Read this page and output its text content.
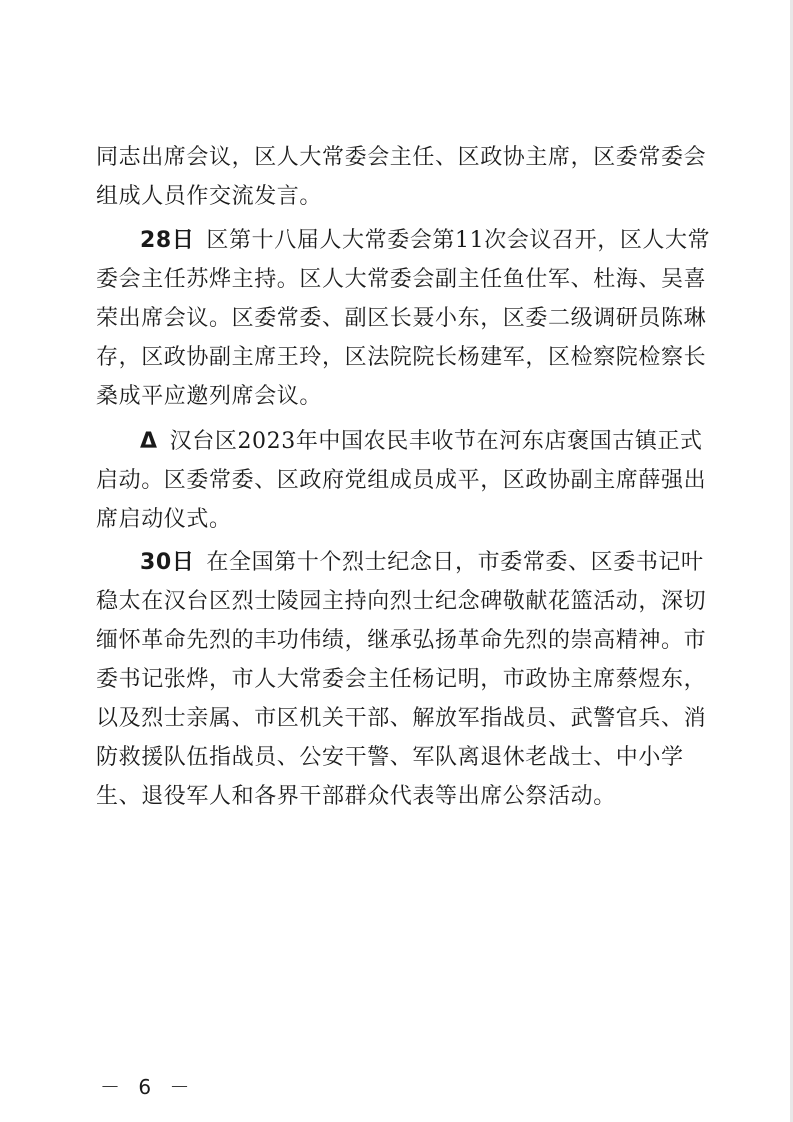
同志出席会议，区人大常委会主任、区政协主席，区委常委会组成人员作交流发言。

28日 区第十八届人大常委会第11次会议召开，区人大常委会主任苏烨主持。区人大常委会副主任鱼仕军、杜海、吴喜荣出席会议。区委常委、副区长聂小东，区委二级调研员陈琳存，区政协副主席王玲，区法院院长杨建军，区检察院检察长桑成平应邀列席会议。

Δ 汉台区2023年中国农民丰收节在河东店褒国古镇正式启动。区委常委、区政府党组成员成平，区政协副主席薛强出席启动仪式。

30日 在全国第十个烈士纪念日，市委常委、区委书记叶稳太在汉台区烈士陵园主持向烈士纪念碑敬献花篮活动，深切缅怀革命先烈的丰功伟绩，继承弘扬革命先烈的崇高精神。市委书记张烨，市人大常委会主任杨记明，市政协主席蔡煜东，以及烈士亲属、市区机关干部、解放军指战员、武警官兵、消防救援队伍指战员、公安干警、军队离退休老战士、中小学生、退役军人和各界干部群众代表等出席公祭活动。

－ 6 －
